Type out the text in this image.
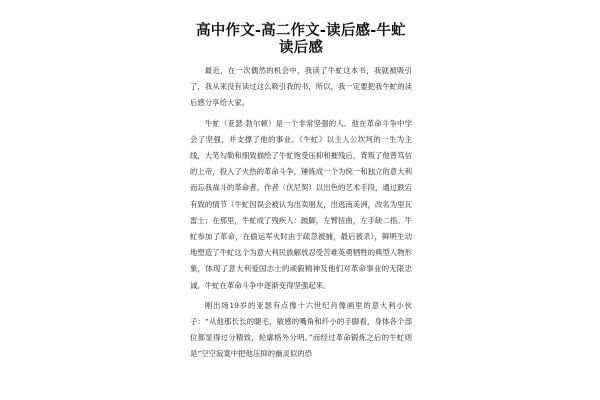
高中作文-高二作文-读后感-牛虻读后感

最近，在一次偶然的机会中，我读了牛虻这本书，我就被吸引了，我从来没有读过这么吸引我的书，所以，我一定要把我牛虻的读后感分享给大家。

牛虻（亚瑟·勃尔顿）是一个非常坚强的人。他在革命斗争中学会了坚强，并支撑了他的事业。《牛虻》以主人公坎坷的一生为主线，大笔勾勒和细致描绘了牛虻饱受压抑和摧残后，背叛了他曾笃信的上帝，投入了火热的革命斗争，锤炼成一个为统一和独立的意大利而忘我战斗的革命者。作者（伏尼契）以出色的艺术手段，通过跌宕有致的情节（牛虻因误会被认为出卖朋友，出逃南美洲，改名为里瓦雷士；在那里，牛虻成了残疾人：跛脚，左臂扭曲，左手缺二指。牛虻参加了革命，在偷运军火时由于疏忽被捕，最后被杀），鲜明生动地塑造了牛虻这个为意大利民族解放忍受苦难英勇牺牲的典型人物形象，体现了意大利爱国志士的顽毅精神及他们对革命事业的无限忠诚。牛虻在革命斗争中逐渐变得坚强起来。

刚出场19岁的亚瑟有点像十六世纪肖像画里的意大利小伙子：“从他那长长的睫毛，敏感的嘴角和纤小的手脚看，身体各个部位都显得过分精致，轮廓格外分明。”而经过革命锻炼之后的牛虻则是“空空寂寞中把他压抑的幽灵似的恐
